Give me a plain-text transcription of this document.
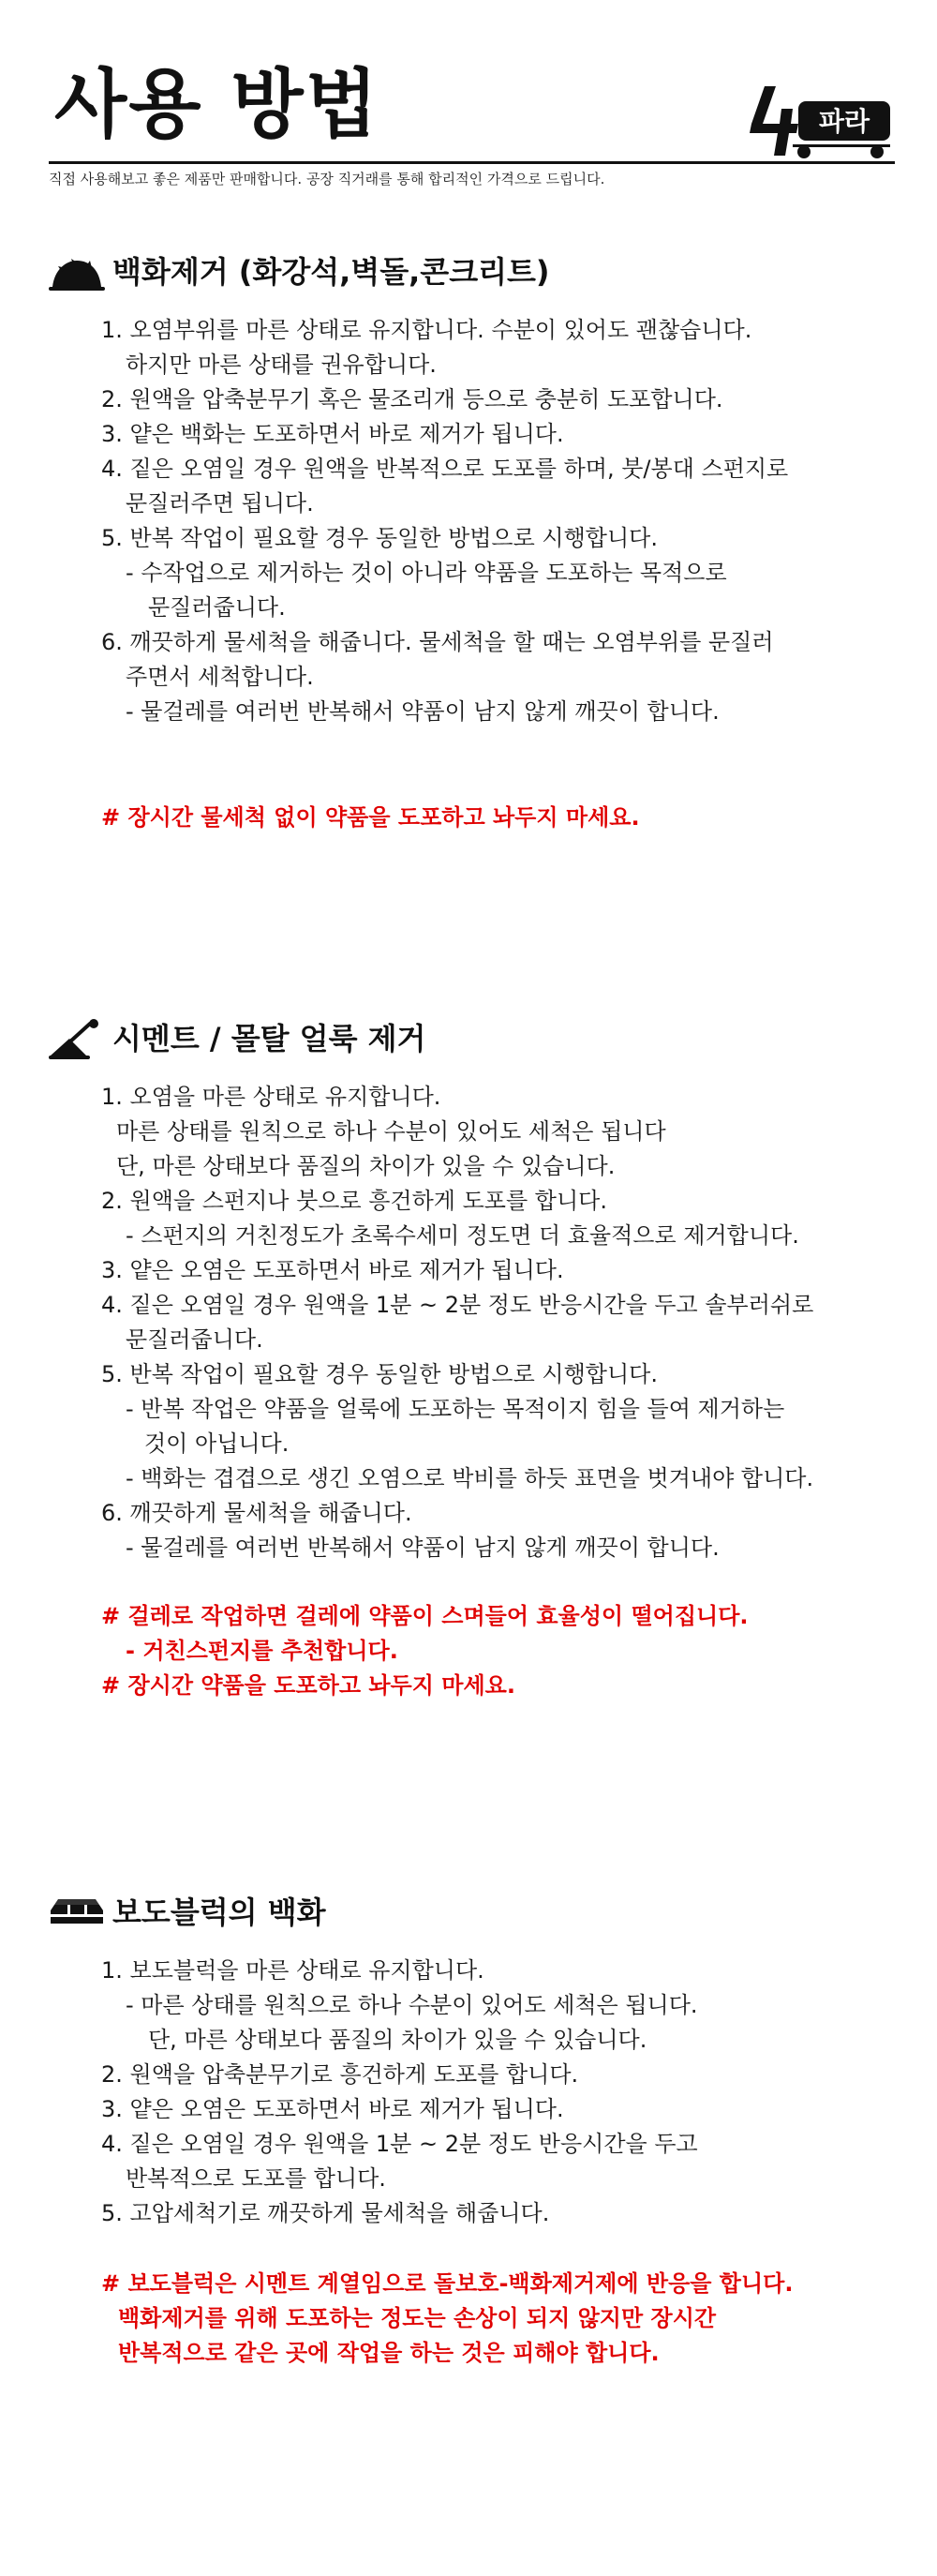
사용 방법	파라
직접 사용해보고 좋은 제품만 판매합니다. 공장 직거래를 통해 합리적인 가격으로 드립니다.
백화제거 (화강석,벽돌,콘크리트)
1. 오염부위를 마른 상태로 유지합니다. 수분이 있어도 괜찮습니다.
하지만 마른 상태를 권유합니다.
2. 원액을 압축분무기 혹은 물조리개 등으로 충분히 도포합니다.
3. 얕은 백화는 도포하면서 바로 제거가 됩니다.
4. 짙은 오염일 경우 원액을 반복적으로 도포를 하며, 붓/봉대 스펀지로
문질러주면 됩니다.
5. 반복 작업이 필요할 경우 동일한 방법으로 시행합니다.
- 수작업으로 제거하는 것이 아니라 약품을 도포하는 목적으로
문질러줍니다.
6. 깨끗하게 물세척을 해줍니다. 물세척을 할 때는 오염부위를 문질러
주면서 세척합니다.
- 물걸레를 여러번 반복해서 약품이 남지 않게 깨끗이 합니다.
# 장시간 물세척 없이 약품을 도포하고 놔두지 마세요.
시멘트 / 몰탈 얼룩 제거
1. 오염을 마른 상태로 유지합니다.
마른 상태를 원칙으로 하나 수분이 있어도 세척은 됩니다
단, 마른 상태보다 품질의 차이가 있을 수 있습니다.
2. 원액을 스펀지나 붓으로 흥건하게 도포를 합니다.
- 스펀지의 거친정도가 초록수세미 정도면 더 효율적으로 제거합니다.
3. 얕은 오염은 도포하면서 바로 제거가 됩니다.
4. 짙은 오염일 경우 원액을 1분 ~ 2분 정도 반응시간을 두고 솔부러쉬로
문질러줍니다.
5. 반복 작업이 필요할 경우 동일한 방법으로 시행합니다.
- 반복 작업은 약품을 얼룩에 도포하는 목적이지 힘을 들여 제거하는
것이 아닙니다.
- 백화는 겹겹으로 생긴 오염으로 박비를 하듯 표면을 벗겨내야 합니다.
6. 깨끗하게 물세척을 해줍니다.
- 물걸레를 여러번 반복해서 약품이 남지 않게 깨끗이 합니다.
# 걸레로 작업하면 걸레에 약품이 스며들어 효율성이 떨어집니다.
- 거친스펀지를 추천합니다.
# 장시간 약품을 도포하고 놔두지 마세요.
보도블럭의 백화
1. 보도블럭을 마른 상태로 유지합니다.
- 마른 상태를 원칙으로 하나 수분이 있어도 세척은 됩니다.
단, 마른 상태보다 품질의 차이가 있을 수 있습니다.
2. 원액을 압축분무기로 흥건하게 도포를 합니다.
3. 얕은 오염은 도포하면서 바로 제거가 됩니다.
4. 짙은 오염일 경우 원액을 1분 ~ 2분 정도 반응시간을 두고
반복적으로 도포를 합니다.
5. 고압세척기로 깨끗하게 물세척을 해줍니다.
# 보도블럭은 시멘트 계열임으로 돌보호-백화제거제에 반응을 합니다.
백화제거를 위해 도포하는 정도는 손상이 되지 않지만 장시간
반복적으로 같은 곳에 작업을 하는 것은 피해야 합니다.
